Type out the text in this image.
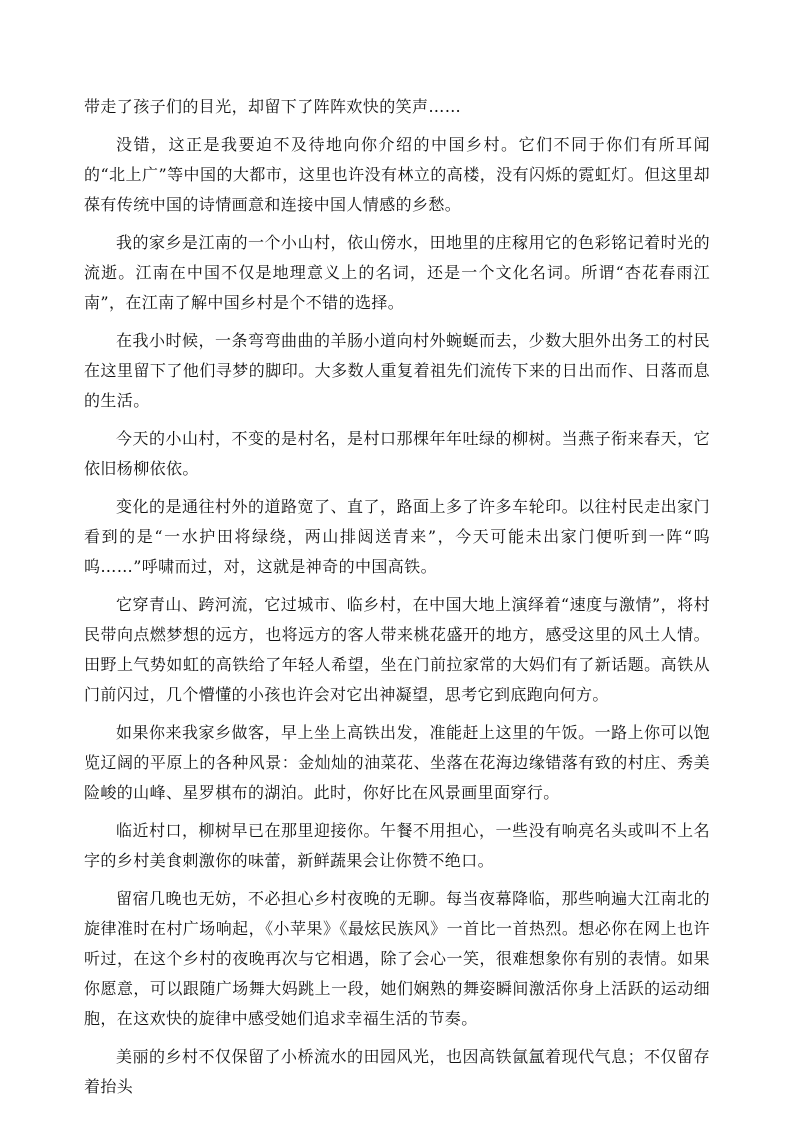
带走了孩子们的目光，却留下了阵阵欢快的笑声……

没错，这正是我要迫不及待地向你介绍的中国乡村。它们不同于你们有所耳闻的“北上广”等中国的大都市，这里也许没有林立的高楼，没有闪烁的霓虹灯。但这里却葆有传统中国的诗情画意和连接中国人情感的乡愁。

我的家乡是江南的一个小山村，依山傍水，田地里的庄稼用它的色彩铭记着时光的流逝。江南在中国不仅是地理意义上的名词，还是一个文化名词。所谓“杏花春雨江南”，在江南了解中国乡村是个不错的选择。

在我小时候，一条弯弯曲曲的羊肠小道向村外蜿蜒而去，少数大胆外出务工的村民在这里留下了他们寻梦的脚印。大多数人重复着祖先们流传下来的日出而作、日落而息的生活。

今天的小山村，不变的是村名，是村口那棵年年吐绿的柳树。当燕子衔来春天，它依旧杨柳依依。

变化的是通往村外的道路宽了、直了，路面上多了许多车轮印。以往村民走出家门看到的是“一水护田将绿绕，两山排闼送青来”，今天可能未出家门便听到一阵“呜呜……”呼啸而过，对，这就是神奇的中国高铁。

它穿青山、跨河流，它过城市、临乡村，在中国大地上演绎着“速度与激情”，将村民带向点燃梦想的远方，也将远方的客人带来桃花盛开的地方，感受这里的风土人情。田野上气势如虹的高铁给了年轻人希望，坐在门前拉家常的大妈们有了新话题。高铁从门前闪过，几个懵懂的小孩也许会对它出神凝望，思考它到底跑向何方。

如果你来我家乡做客，早上坐上高铁出发，准能赶上这里的午饭。一路上你可以饱览辽阔的平原上的各种风景：金灿灿的油菜花、坐落在花海边缘错落有致的村庄、秀美险峻的山峰、星罗棋布的湖泊。此时，你好比在风景画里面穿行。

临近村口，柳树早已在那里迎接你。午餐不用担心，一些没有响亮名头或叫不上名字的乡村美食刺激你的味蕾，新鲜蔬果会让你赞不绝口。

留宿几晚也无妨，不必担心乡村夜晚的无聊。每当夜幕降临，那些响遍大江南北的旋律准时在村广场响起，《小苹果》《最炫民族风》一首比一首热烈。想必你在网上也许听过，在这个乡村的夜晚再次与它相遇，除了会心一笑，很难想象你有别的表情。如果你愿意，可以跟随广场舞大妈跳上一段，她们娴熟的舞姿瞬间激活你身上活跃的运动细胞，在这欢快的旋律中感受她们追求幸福生活的节奏。

美丽的乡村不仅保留了小桥流水的田园风光，也因高铁氤氲着现代气息；不仅留存着抬头
